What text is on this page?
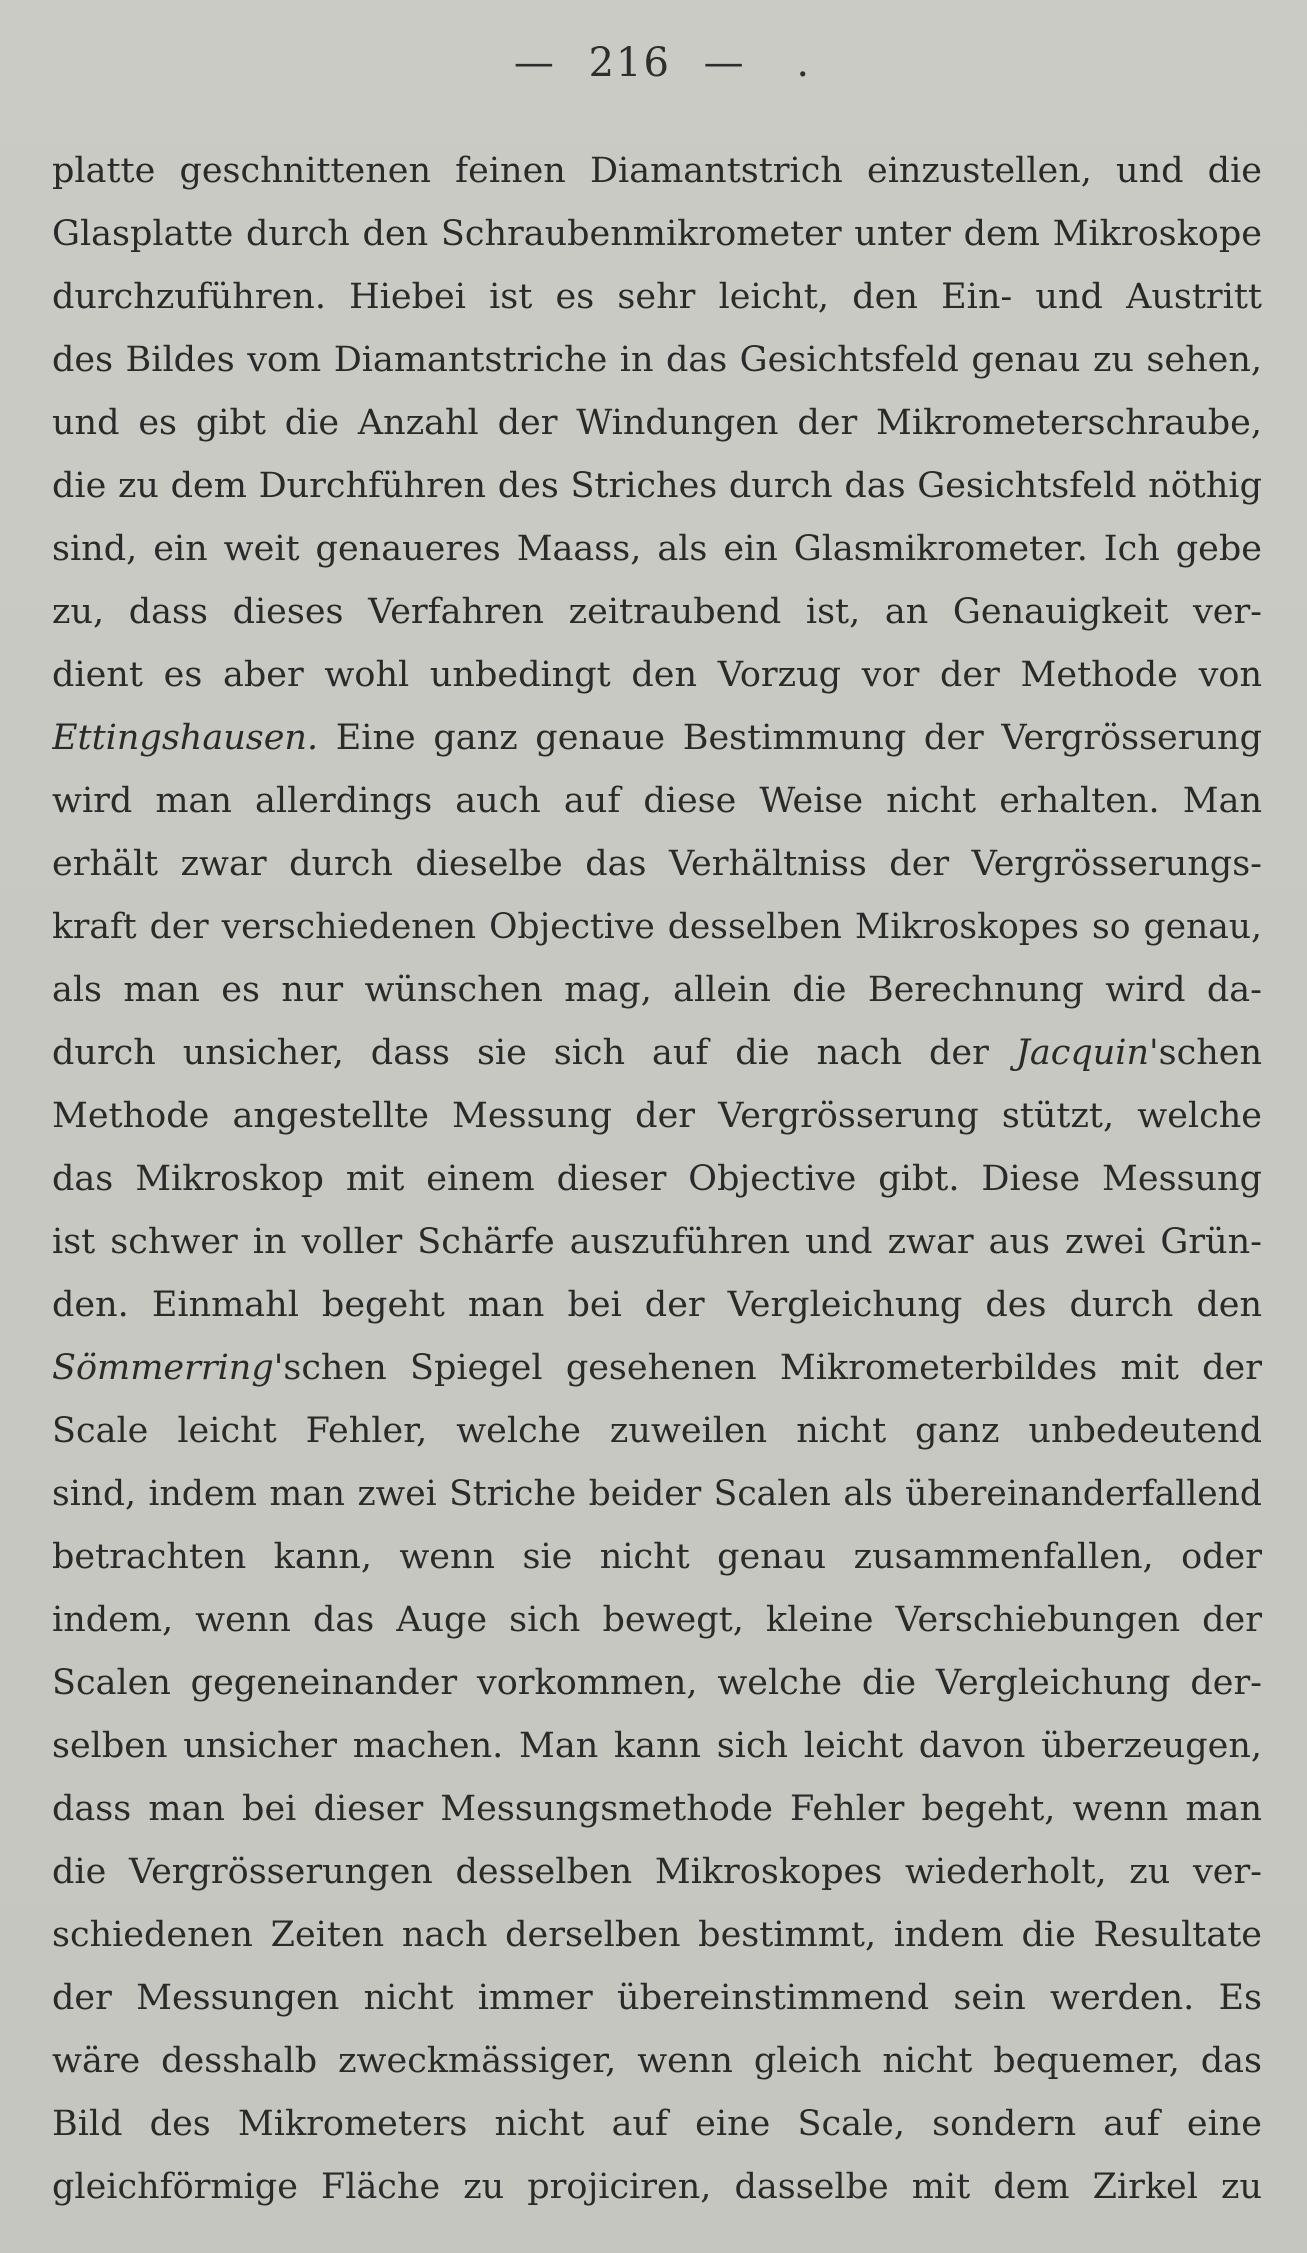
— 216 — .
platte geschnittenen feinen Diamantstrich einzustellen, und die
Glasplatte durch den Schraubenmikrometer unter dem Mikroskope
durchzuführen. Hiebei ist es sehr leicht, den Ein- und Austritt
des Bildes vom Diamantstriche in das Gesichtsfeld genau zu sehen,
und es gibt die Anzahl der Windungen der Mikrometerschraube,
die zu dem Durchführen des Striches durch das Gesichtsfeld nöthig
sind, ein weit genaueres Maass, als ein Glasmikrometer. Ich gebe
zu, dass dieses Verfahren zeitraubend ist, an Genauigkeit ver-
dient es aber wohl unbedingt den Vorzug vor der Methode von
Ettingshausen. Eine ganz genaue Bestimmung der Vergrösserung
wird man allerdings auch auf diese Weise nicht erhalten. Man
erhält zwar durch dieselbe das Verhältniss der Vergrösserungs-
kraft der verschiedenen Objective desselben Mikroskopes so genau,
als man es nur wünschen mag, allein die Berechnung wird da-
durch unsicher, dass sie sich auf die nach der Jacquin'schen
Methode angestellte Messung der Vergrösserung stützt, welche
das Mikroskop mit einem dieser Objective gibt. Diese Messung
ist schwer in voller Schärfe auszuführen und zwar aus zwei Grün-
den. Einmahl begeht man bei der Vergleichung des durch den
Sömmerring'schen Spiegel gesehenen Mikrometerbildes mit der
Scale leicht Fehler, welche zuweilen nicht ganz unbedeutend
sind, indem man zwei Striche beider Scalen als übereinanderfallend
betrachten kann, wenn sie nicht genau zusammenfallen, oder
indem, wenn das Auge sich bewegt, kleine Verschiebungen der
Scalen gegeneinander vorkommen, welche die Vergleichung der-
selben unsicher machen. Man kann sich leicht davon überzeugen,
dass man bei dieser Messungsmethode Fehler begeht, wenn man
die Vergrösserungen desselben Mikroskopes wiederholt, zu ver-
schiedenen Zeiten nach derselben bestimmt, indem die Resultate
der Messungen nicht immer übereinstimmend sein werden. Es
wäre desshalb zweckmässiger, wenn gleich nicht bequemer, das
Bild des Mikrometers nicht auf eine Scale, sondern auf eine
gleichförmige Fläche zu projiciren, dasselbe mit dem Zirkel zu
